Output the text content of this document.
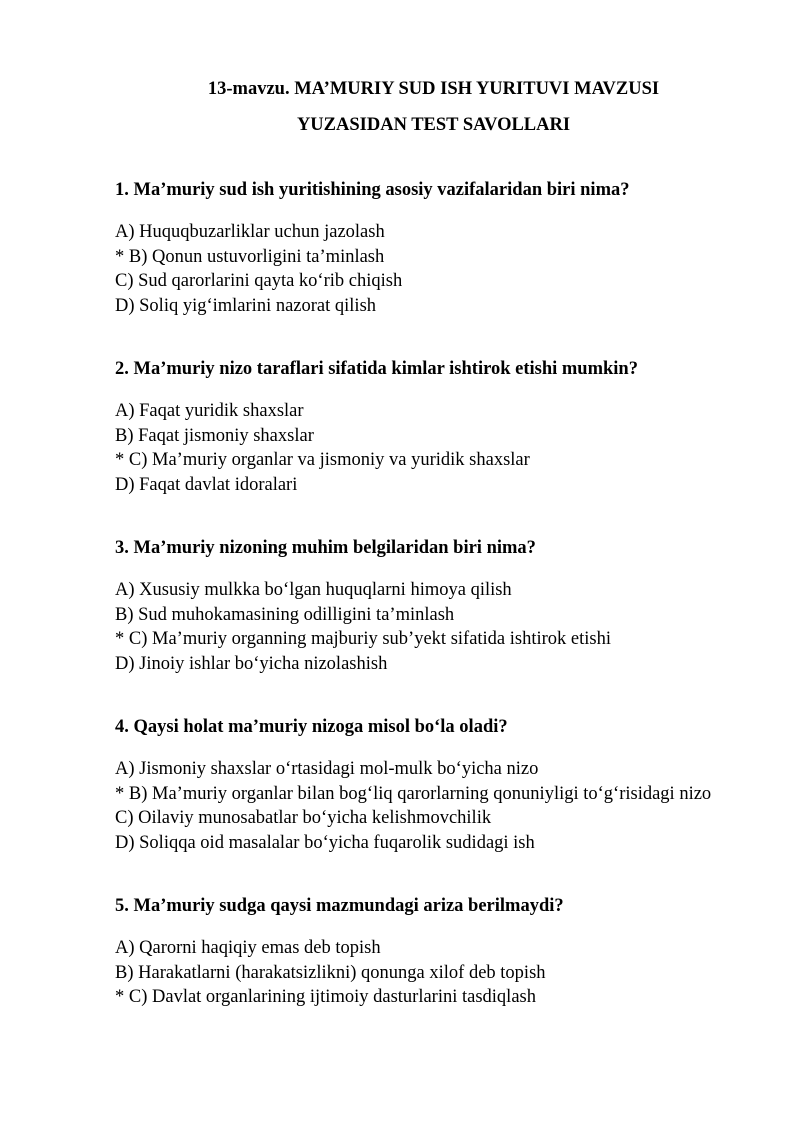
13-mavzu. MA’MURIY SUD ISH YURITUVI MAVZUSI
YUZASIDAN TEST SAVOLLARI

1. Ma’muriy sud ish yuritishining asosiy vazifalaridan biri nima?

A) Huquqbuzarliklar uchun jazolash
* B) Qonun ustuvorligini ta’minlash
C) Sud qarorlarini qayta ko‘rib chiqish
D) Soliq yig‘imlarini nazorat qilish

2. Ma’muriy nizo taraflari sifatida kimlar ishtirok etishi mumkin?

A) Faqat yuridik shaxslar
B) Faqat jismoniy shaxslar
* C) Ma’muriy organlar va jismoniy va yuridik shaxslar
D) Faqat davlat idoralari

3. Ma’muriy nizoning muhim belgilaridan biri nima?

A) Xususiy mulkka bo‘lgan huquqlarni himoya qilish
B) Sud muhokamasining odilligini ta’minlash
* C) Ma’muriy organning majburiy sub’yekt sifatida ishtirok etishi
D) Jinoiy ishlar bo‘yicha nizolashish

4. Qaysi holat ma’muriy nizoga misol bo‘la oladi?

A) Jismoniy shaxslar o‘rtasidagi mol-mulk bo‘yicha nizo
* B) Ma’muriy organlar bilan bog‘liq qarorlarning qonuniyligi to‘g‘risidagi nizo
C) Oilaviy munosabatlar bo‘yicha kelishmovchilik
D) Soliqqa oid masalalar bo‘yicha fuqarolik sudidagi ish

5. Ma’muriy sudga qaysi mazmundagi ariza berilmaydi?

A) Qarorni haqiqiy emas deb topish
B) Harakatlarni (harakatsizlikni) qonunga xilof deb topish
* C) Davlat organlarining ijtimoiy dasturlarini tasdiqlash
